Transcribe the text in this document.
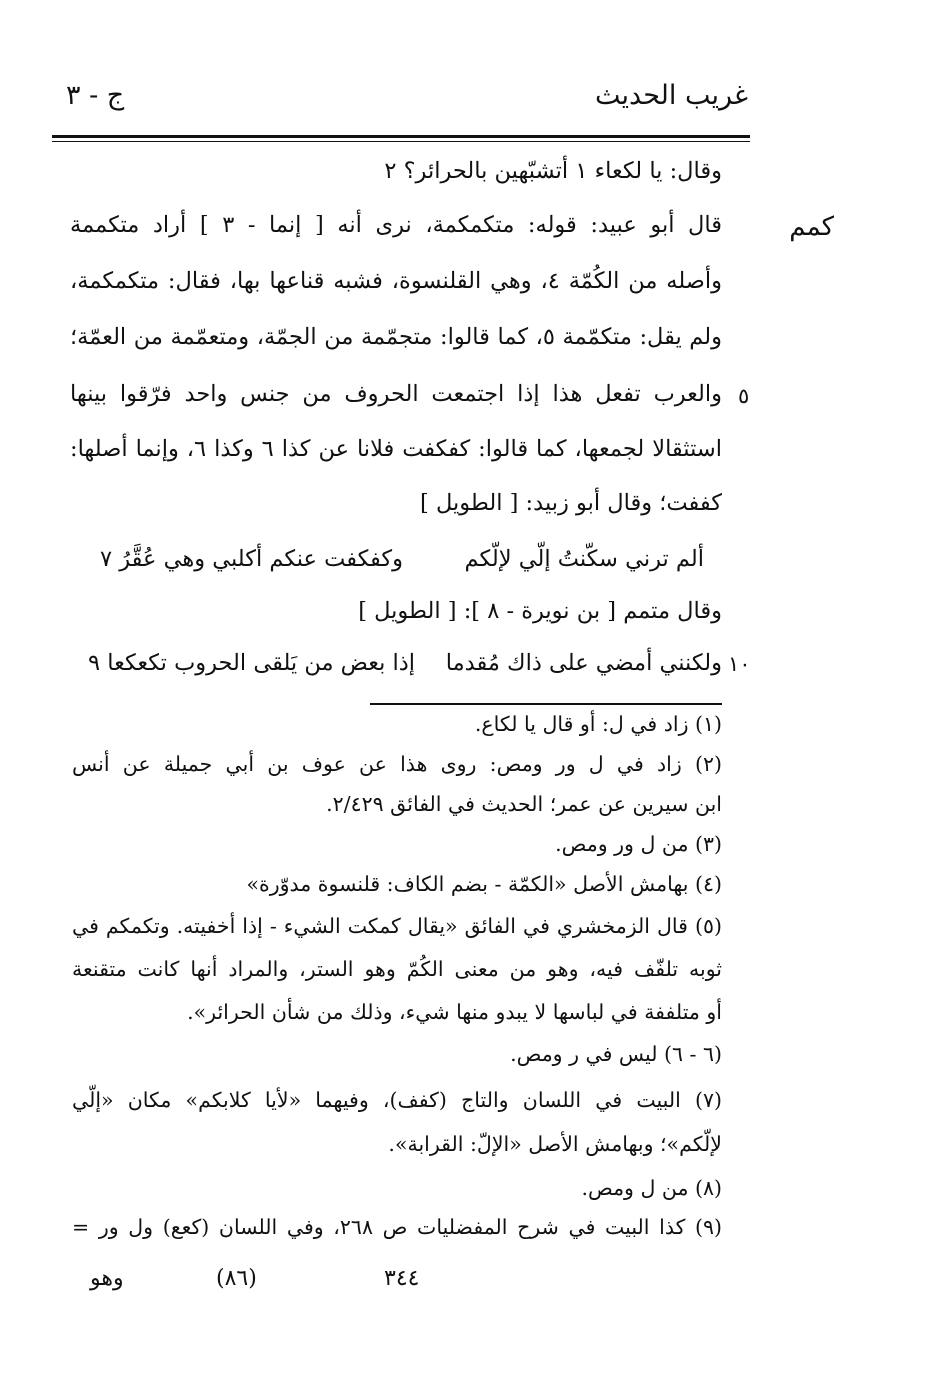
غريب الحديث
ج - ٣
كمم
وقال: يا لكعاء ١ أتشبّهين بالحرائر؟ ٢
قال أبو عبيد: قوله: متكمكمة، نرى أنه [ إنما - ٣ ] أراد متكممة
وأصله من الكُمّة ٤، وهي القلنسوة، فشبه قناعها بها، فقال: متكمكمة،
ولم يقل: متكمّمة ٥، كما قالوا: متجمّمة من الجمّة، ومتعمّمة من العمّة؛
والعرب تفعل هذا إذا اجتمعت الحروف من جنس واحد فرّقوا بينها
استثقالا لجمعها، كما قالوا: كفكفت فلانا عن كذا ٦ وكذا ٦، وإنما أصلها:
كففت؛ وقال أبو زبيد: [ الطويل ]
٥
ألم ترني سكّنتُ إلّي لإلّكم
وكفكفت عنكم أكلبي وهي عُقَّرُ ٧
وقال متمم [ بن نويرة - ٨ ]: [ الطويل ]
١٠
ولكنني أمضي على ذاك مُقدما
إذا بعض من يَلقى الحروب تكعكعا ٩
(١) زاد في ل: أو قال يا لكاع.
(٢) زاد في ل ور ومص: روى هذا عن عوف بن أبي جميلة عن أنس
ابن سيرين عن عمر؛ الحديث في الفائق ٢/٤٢٩.
(٣) من ل ور ومص.
(٤) بهامش الأصل «الكمّة - بضم الكاف: قلنسوة مدوّرة»
(٥) قال الزمخشري في الفائق «يقال كمكت الشيء - إذا أخفيته. وتكمكم في
ثوبه تلفّف فيه، وهو من معنى الكُمّ وهو الستر، والمراد أنها كانت متقنعة
أو متلففة في لباسها لا يبدو منها شيء، وذلك من شأن الحرائر».
(٦ - ٦) ليس في ر ومص.
(٧) البيت في اللسان والتاج (كفف)، وفيهما «لأيا كلابكم» مكان «إلّي
لإلّكم»؛ وبهامش الأصل «الإلّ: القرابة».
(٨) من ل ومص.
(٩) كذا البيت في شرح المفضليات ص ٢٦٨، وفي اللسان (كعع) ول ور =
٣٤٤
(٨٦)
وهو
